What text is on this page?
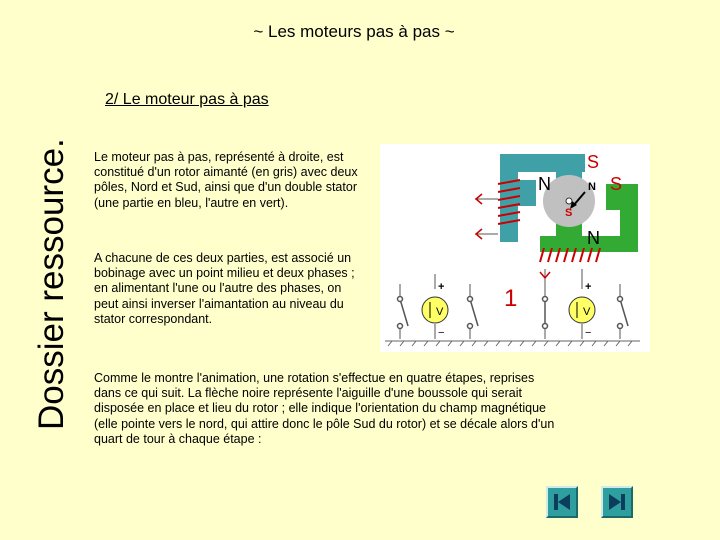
Dossier ressource.
~ Les moteurs pas à pas ~
2/ Le moteur pas à pas
Le moteur pas à pas, représenté à droite, est constitué d'un rotor aimanté (en gris) avec deux pôles, Nord et Sud, ainsi que d'un double stator (une partie en bleu, l'autre en vert).
A chacune de ces deux parties, est associé un bobinage avec un point milieu et deux phases ; en alimentant l'une ou l'autre des phases, on peut ainsi inverser l'aimantation au niveau du stator correspondant.
Comme le montre l'animation, une rotation s'effectue en quatre étapes, reprises dans ce qui suit. La flèche noire représente l'aiguille d'une boussole qui serait disposée en place et lieu du rotor ; elle indique l'orientation du champ magnétique (elle pointe vers le nord, qui attire donc le pôle Sud du rotor) et se décale alors d'un quart de tour à chaque étape :
S
N	S
N
N
S
V	V
+
−
+
−
1
